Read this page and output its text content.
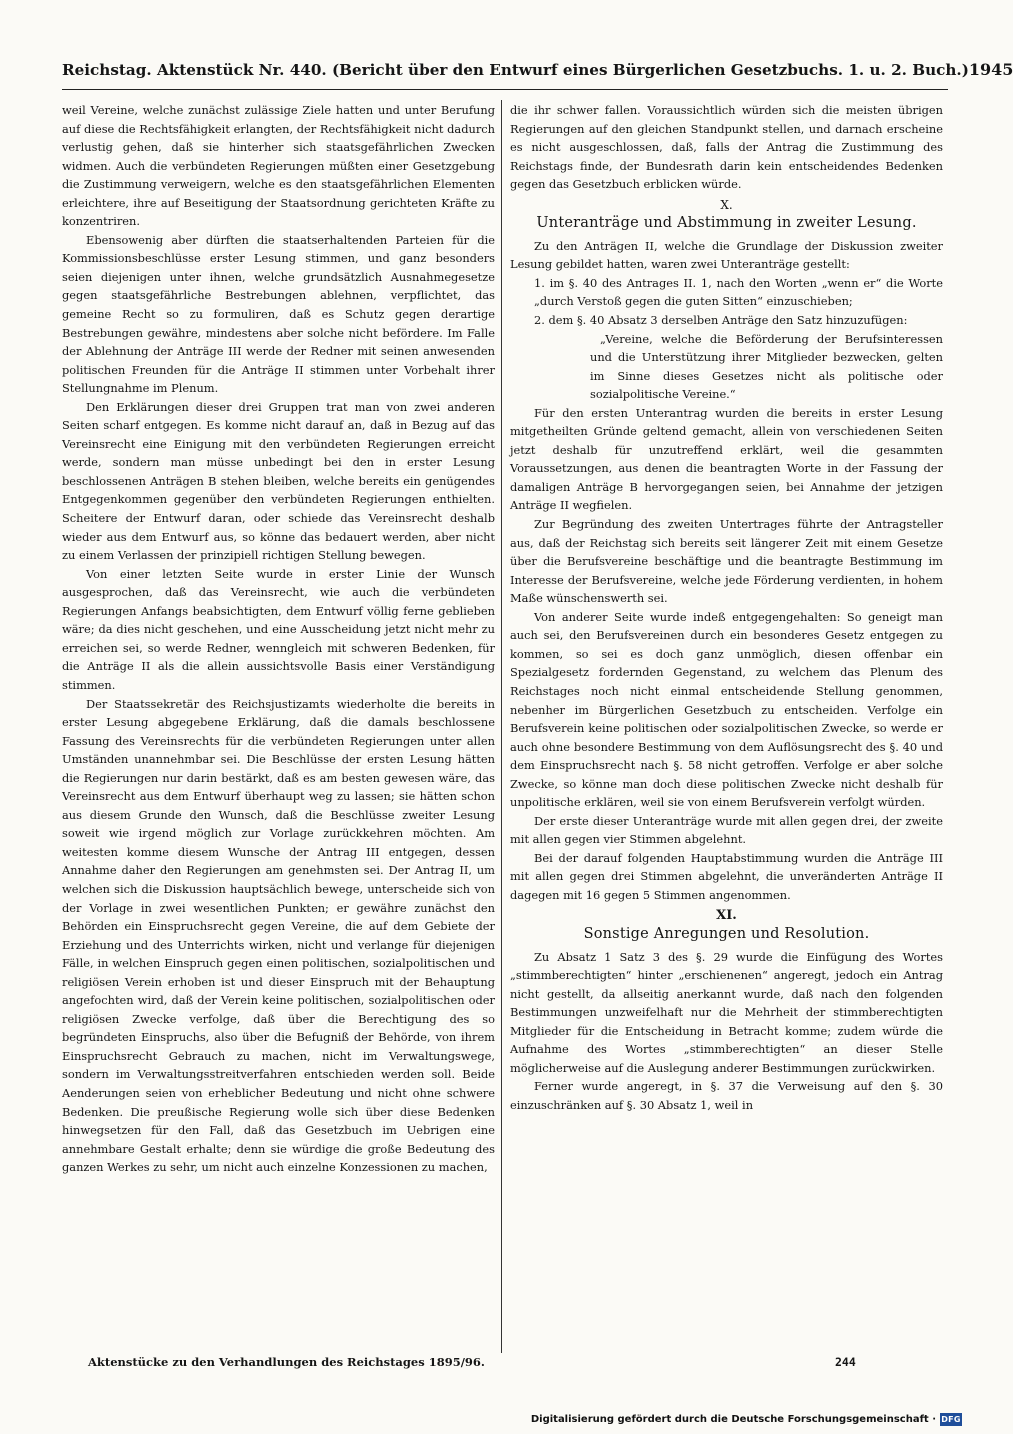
Reichstag. Aktenstück Nr. 440. (Bericht über den Entwurf eines Bürgerlichen Gesetzbuchs. 1. u. 2. Buch.) 1945

weil Vereine, welche zunächst zulässige Ziele hatten und unter Berufung auf diese die Rechtsfähigkeit erlangten, der Rechtsfähigkeit nicht dadurch verlustig gehen, daß sie hinterher sich staatsgefährlichen Zwecken widmen. Auch die verbündeten Regierungen müßten einer Gesetzgebung die Zustimmung verweigern, welche es den staatsgefährlichen Elementen erleichtere, ihre auf Beseitigung der Staatsordnung gerichteten Kräfte zu konzentriren.

Ebensowenig aber dürften die staatserhaltenden Parteien für die Kommissionsbeschlüsse erster Lesung stimmen, und ganz besonders seien diejenigen unter ihnen, welche grundsätzlich Ausnahmegesetze gegen staatsgefährliche Bestrebungen ablehnen, verpflichtet, das gemeine Recht so zu formuliren, daß es Schutz gegen derartige Bestrebungen gewähre, mindestens aber solche nicht befördere. Im Falle der Ablehnung der Anträge III werde der Redner mit seinen anwesenden politischen Freunden für die Anträge II stimmen unter Vorbehalt ihrer Stellungnahme im Plenum.

Den Erklärungen dieser drei Gruppen trat man von zwei anderen Seiten scharf entgegen. Es komme nicht darauf an, daß in Bezug auf das Vereinsrecht eine Einigung mit den verbündeten Regierungen erreicht werde, sondern man müsse unbedingt bei den in erster Lesung beschlossenen Anträgen B stehen bleiben, welche bereits ein genügendes Entgegenkommen gegenüber den verbündeten Regierungen enthielten. Scheitere der Entwurf daran, oder schiede das Vereinsrecht deshalb wieder aus dem Entwurf aus, so könne das bedauert werden, aber nicht zu einem Verlassen der prinzipiell richtigen Stellung bewegen.

Von einer letzten Seite wurde in erster Linie der Wunsch ausgesprochen, daß das Vereinsrecht, wie auch die verbündeten Regierungen Anfangs beabsichtigten, dem Entwurf völlig ferne geblieben wäre; da dies nicht geschehen, und eine Ausscheidung jetzt nicht mehr zu erreichen sei, so werde Redner, wenngleich mit schweren Bedenken, für die Anträge II als die allein aussichtsvolle Basis einer Verständigung stimmen.

Der Staatssekretär des Reichsjustizamts wiederholte die bereits in erster Lesung abgegebene Erklärung, daß die damals beschlossene Fassung des Vereinsrechts für die verbündeten Regierungen unter allen Umständen unannehmbar sei. Die Beschlüsse der ersten Lesung hätten die Regierungen nur darin bestärkt, daß es am besten gewesen wäre, das Vereinsrecht aus dem Entwurf überhaupt weg zu lassen; sie hätten schon aus diesem Grunde den Wunsch, daß die Beschlüsse zweiter Lesung soweit wie irgend möglich zur Vorlage zurückkehren möchten. Am weitesten komme diesem Wunsche der Antrag III entgegen, dessen Annahme daher den Regierungen am genehmsten sei. Der Antrag II, um welchen sich die Diskussion hauptsächlich bewege, unterscheide sich von der Vorlage in zwei wesentlichen Punkten; er gewähre zunächst den Behörden ein Einspruchsrecht gegen Vereine, die auf dem Gebiete der Erziehung und des Unterrichts wirken, nicht und verlange für diejenigen Fälle, in welchen Einspruch gegen einen politischen, sozialpolitischen und religiösen Verein erhoben ist und dieser Einspruch mit der Behauptung angefochten wird, daß der Verein keine politischen, sozialpolitischen oder religiösen Zwecke verfolge, daß über die Berechtigung des so begründeten Einspruchs, also über die Befugniß der Behörde, von ihrem Einspruchsrecht Gebrauch zu machen, nicht im Verwaltungswege, sondern im Verwaltungsstreitverfahren entschieden werden soll. Beide Aenderungen seien von erheblicher Bedeutung und nicht ohne schwere Bedenken. Die preußische Regierung wolle sich über diese Bedenken hinwegsetzen für den Fall, daß das Gesetzbuch im Uebrigen eine annehmbare Gestalt erhalte; denn sie würdige die große Bedeutung des ganzen Werkes zu sehr, um nicht auch einzelne Konzessionen zu machen,

die ihr schwer fallen. Voraussichtlich würden sich die meisten übrigen Regierungen auf den gleichen Standpunkt stellen, und darnach erscheine es nicht ausgeschlossen, daß, falls der Antrag die Zustimmung des Reichstags finde, der Bundesrath darin kein entscheidendes Bedenken gegen das Gesetzbuch erblicken würde.

X.
Unteranträge und Abstimmung in zweiter Lesung.

Zu den Anträgen II, welche die Grundlage der Diskussion zweiter Lesung gebildet hatten, waren zwei Unteranträge gestellt:

1. im §. 40 des Antrages II. 1, nach den Worten „wenn er“ die Worte „durch Verstoß gegen die guten Sitten“ einzuschieben;

2. dem §. 40 Absatz 3 derselben Anträge den Satz hinzuzufügen:

„Vereine, welche die Beförderung der Berufsinteressen und die Unterstützung ihrer Mitglieder bezwecken, gelten im Sinne dieses Gesetzes nicht als politische oder sozialpolitische Vereine.“

Für den ersten Unterantrag wurden die bereits in erster Lesung mitgetheilten Gründe geltend gemacht, allein von verschiedenen Seiten jetzt deshalb für unzutreffend erklärt, weil die gesammten Voraussetzungen, aus denen die beantragten Worte in der Fassung der damaligen Anträge B hervorgegangen seien, bei Annahme der jetzigen Anträge II wegfielen.

Zur Begründung des zweiten Untertrages führte der Antragsteller aus, daß der Reichstag sich bereits seit längerer Zeit mit einem Gesetze über die Berufsvereine beschäftige und die beantragte Bestimmung im Interesse der Berufsvereine, welche jede Förderung verdienten, in hohem Maße wünschenswerth sei.

Von anderer Seite wurde indeß entgegengehalten: So geneigt man auch sei, den Berufsvereinen durch ein besonderes Gesetz entgegen zu kommen, so sei es doch ganz unmöglich, diesen offenbar ein Spezialgesetz fordernden Gegenstand, zu welchem das Plenum des Reichstages noch nicht einmal entscheidende Stellung genommen, nebenher im Bürgerlichen Gesetzbuch zu entscheiden. Verfolge ein Berufsverein keine politischen oder sozialpolitischen Zwecke, so werde er auch ohne besondere Bestimmung von dem Auflösungsrecht des §. 40 und dem Einspruchsrecht nach §. 58 nicht getroffen. Verfolge er aber solche Zwecke, so könne man doch diese politischen Zwecke nicht deshalb für unpolitische erklären, weil sie von einem Berufsverein verfolgt würden.

Der erste dieser Unteranträge wurde mit allen gegen drei, der zweite mit allen gegen vier Stimmen abgelehnt.

Bei der darauf folgenden Hauptabstimmung wurden die Anträge III mit allen gegen drei Stimmen abgelehnt, die unveränderten Anträge II dagegen mit 16 gegen 5 Stimmen angenommen.

XI.
Sonstige Anregungen und Resolution.

Zu Absatz 1 Satz 3 des §. 29 wurde die Einfügung des Wortes „stimmberechtigten“ hinter „erschienenen“ angeregt, jedoch ein Antrag nicht gestellt, da allseitig anerkannt wurde, daß nach den folgenden Bestimmungen unzweifelhaft nur die Mehrheit der stimmberechtigten Mitglieder für die Entscheidung in Betracht komme; zudem würde die Aufnahme des Wortes „stimmberechtigten“ an dieser Stelle möglicherweise auf die Auslegung anderer Bestimmungen zurückwirken.

Ferner wurde angeregt, in §. 37 die Verweisung auf den §. 30 einzuschränken auf §. 30 Absatz 1, weil in

Aktenstücke zu den Verhandlungen des Reichstages 1895/96.	244
Digitalisierung gefördert durch die Deutsche Forschungsgemeinschaft · DFG
